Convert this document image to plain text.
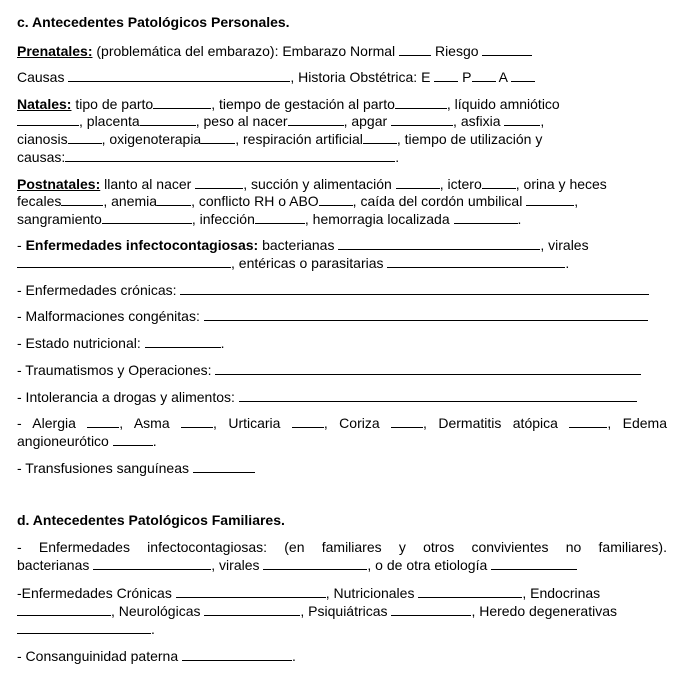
c. Antecedentes Patológicos Personales.
Prenatales: (problemática del embarazo): Embarazo Normal  Riesgo
Causas	, Historia Obstétrica: E  P A
Natales: tipo de parto	, tiempo de gestación al parto	, líquido amniótico
, placenta	, peso al nacer	, apgar	, asfixia	,
cianosis , oxigenoterapia , respiración artificial , tiempo de utilización y
causas:	.
Postnatales: llanto al nacer	, succión y alimentación	, ictero , orina y heces
fecales	, anemia , conflicto RH o ABO , caída del cordón umbilical	,
sangramiento	, infección	, hemorragia localizada	.
- Enfermedades infectocontagiosas: bacterianas	, virales
, entéricas o parasitarias	.
- Enfermedades crónicas:
- Malformaciones congénitas:
- Estado nutricional:	.
- Traumatismos y Operaciones:
- Intolerancia a drogas y alimentos:
- Alergia , Asma , Urticaria , Coriza , Dermatitis atópica	, Edema
angioneurótico	.
- Transfusiones sanguíneas
d. Antecedentes Patológicos Familiares.
- Enfermedades infectocontagiosas: (en familiares y otros convivientes no familiares).
bacterianas	, virales	, o de otra etiología
-Enfermedades Crónicas	, Nutricionales	, Endocrinas
, Neurológicas	, Psiquiátricas	, Heredo degenerativas
.
- Consanguinidad paterna	.
